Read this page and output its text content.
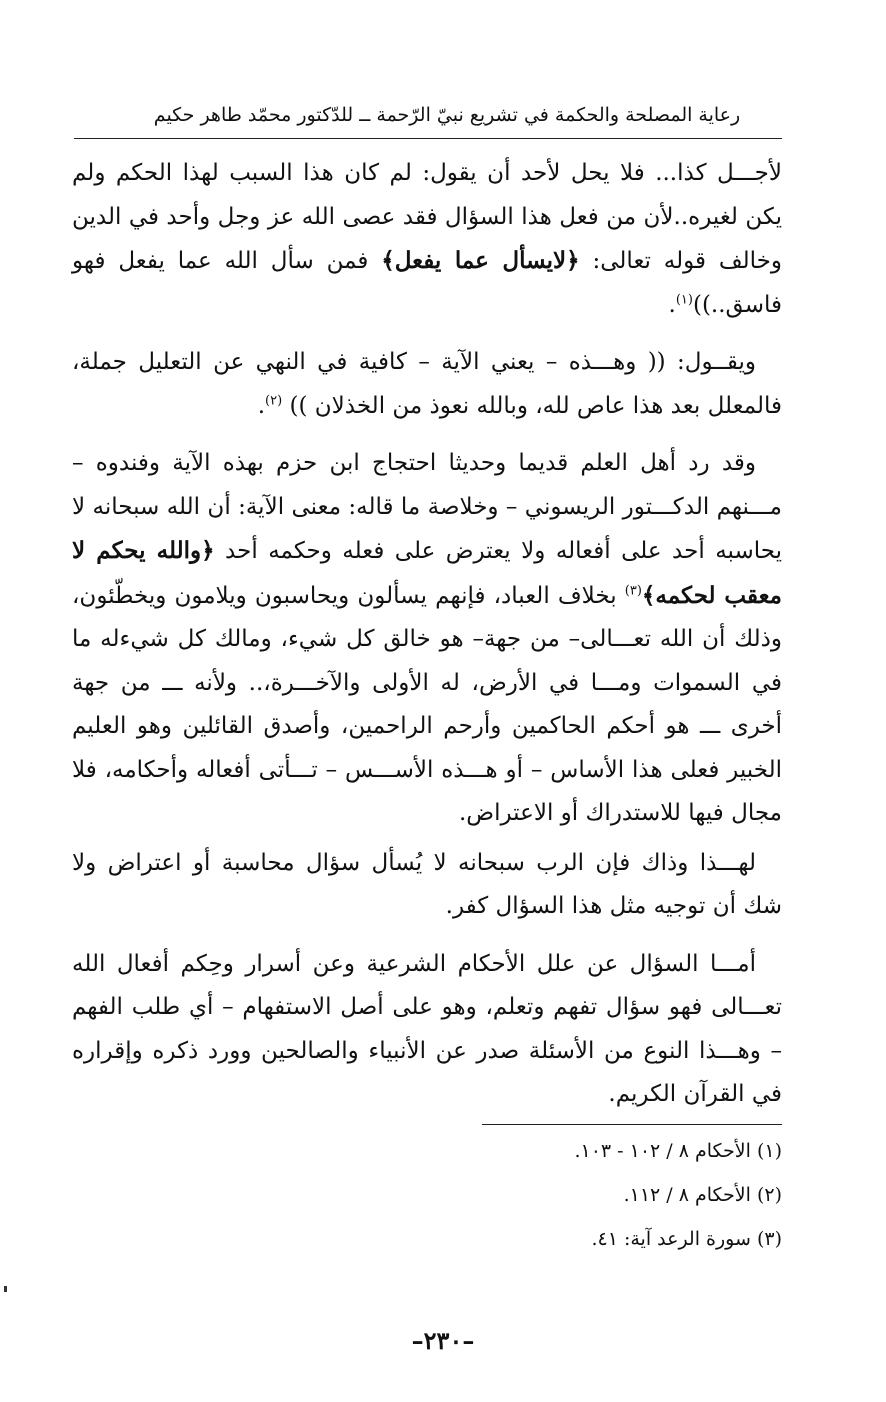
رعاية المصلحة والحكمة في تشريع نبيّ الرّحمة ــ للدّكتور محمّد طاهر حكيم

لأجـــل كذا... فلا يحل لأحد أن يقول: لم كان هذا السبب لهذا الحكم ولم يكن لغيره..لأن من فعل هذا السؤال فقد عصى الله عز وجل وأحد في الدين وخالف قوله تعالى: ﴿لايسأل عما يفعل﴾ فمن سأل الله عما يفعل فهو فاسق..))$^{(١)}$.

ويقــول: (( وهـــذه – يعني الآية – كافية في النهي عن التعليل جملة، فالمعلل بعد هذا عاص لله، وبالله نعوذ من الخذلان )) $^{(٢)}$.

وقد رد أهل العلم قديما وحديثا احتجاج ابن حزم بهذه الآية وفندوه – مـــنهم الدكـــتور الريسوني – وخلاصة ما قاله: معنى الآية: أن الله سبحانه لا يحاسبه أحد على أفعاله ولا يعترض على فعله وحكمه أحد ﴿والله يحكم لا معقب لحكمه﴾$^{(٣)}$ بخلاف العباد، فإنهم يسألون ويحاسبون ويلامون ويخطّئون، وذلك أن الله تعـــالى– من جهة– هو خالق كل شيء، ومالك كل شيءله ما في السموات ومـــا في الأرض، له الأولى والآخـــرة،.. ولأنه ـــ من جهة أخرى ـــ هو أحكم الحاكمين وأرحم الراحمين، وأصدق القائلين وهو العليم الخبير فعلى هذا الأساس – أو هـــذه الأســـس – تـــأتى أفعاله وأحكامه، فلا مجال فيها للاستدراك أو الاعتراض.

لهـــذا وذاك فإن الرب سبحانه لا يُسأل سؤال محاسبة أو اعتراض ولا شك أن توجيه مثل هذا السؤال كفر.

أمـــا السؤال عن علل الأحكام الشرعية وعن أسرار وحِكم أفعال الله تعـــالى فهو سؤال تفهم وتعلم، وهو على أصل الاستفهام – أي طلب الفهم – وهـــذا النوع من الأسئلة صدر عن الأنبياء والصالحين وورد ذكره وإقراره في القرآن الكريم.

(١) الأحكام ٨ / ١٠٢ - ١٠٣.
(٢) الأحكام ٨ / ١١٢.
(٣) سورة الرعد آية: ٤١.
–٢٣٠–
